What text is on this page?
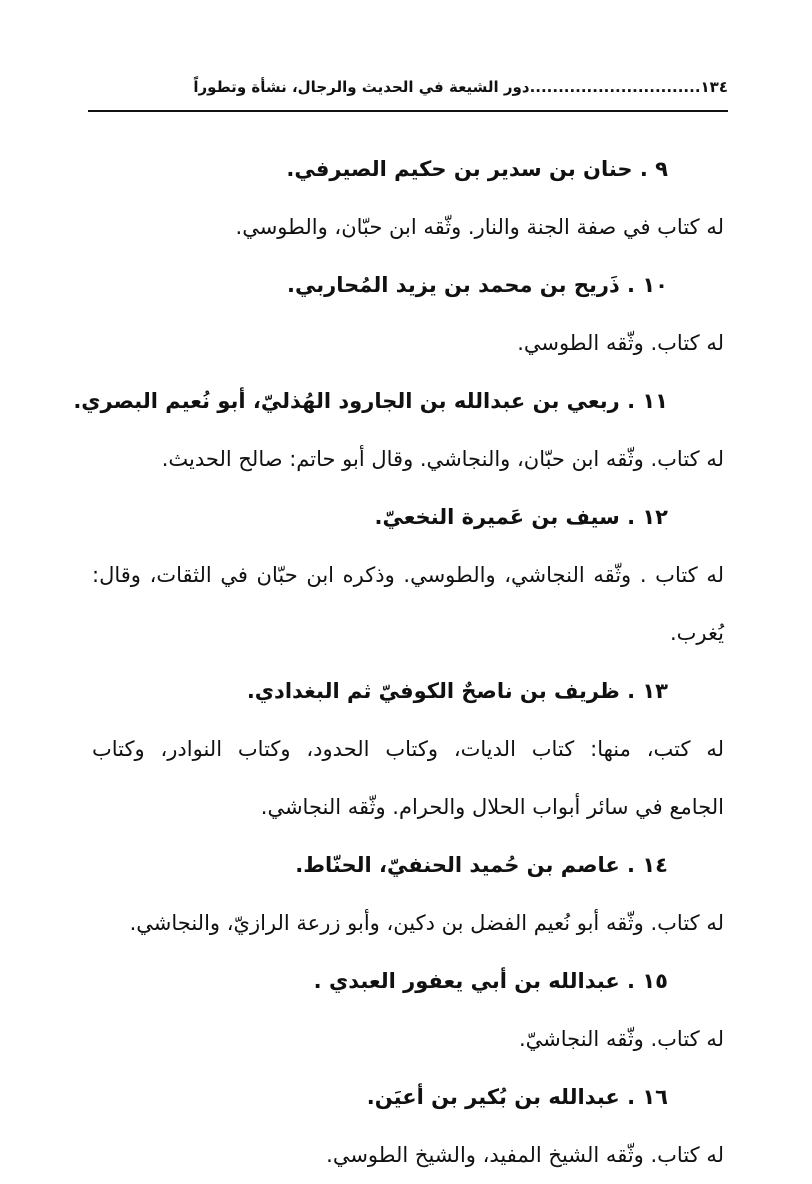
١٣٤..............................دور الشيعة في الحديث والرجال، نشأة وتطوراً
٩ . حنان بن سدير بن حكيم الصيرفي.
له كتاب في صفة الجنة والنار. وثّقه ابن حبّان، والطوسي.
١٠ . ذَريح بن محمد بن يزيد المُحاربي.
له كتاب. وثّقه الطوسي.
١١ . ربعي بن عبدالله بن الجارود الهُذليّ، أبو نُعيم البصري.
له كتاب. وثّقه ابن حبّان، والنجاشي. وقال أبو حاتم: صالح الحديث.
١٢ . سيف بن عَميرة النخعيّ.
له كتاب . وثّقه النجاشي، والطوسي. وذكره ابن حبّان في الثقات، وقال:
يُغرب.
١٣ . ظريف بن ناصحٌ الكوفيّ ثم البغدادي.
له كتب، منها: كتاب الديات، وكتاب الحدود، وكتاب النوادر، وكتاب
الجامع في سائر أبواب الحلال والحرام. وثّقه النجاشي.
١٤ . عاصم بن حُميد الحنفيّ، الحنّاط.
له كتاب. وثّقه أبو نُعيم الفضل بن دكين، وأبو زرعة الرازيّ، والنجاشي.
١٥ . عبدالله بن أبي يعفور العبدي .
له كتاب. وثّقه النجاشيّ.
١٦ . عبدالله بن بُكير بن أعيَن.
له كتاب. وثّقه الشيخ المفيد، والشيخ الطوسي.
